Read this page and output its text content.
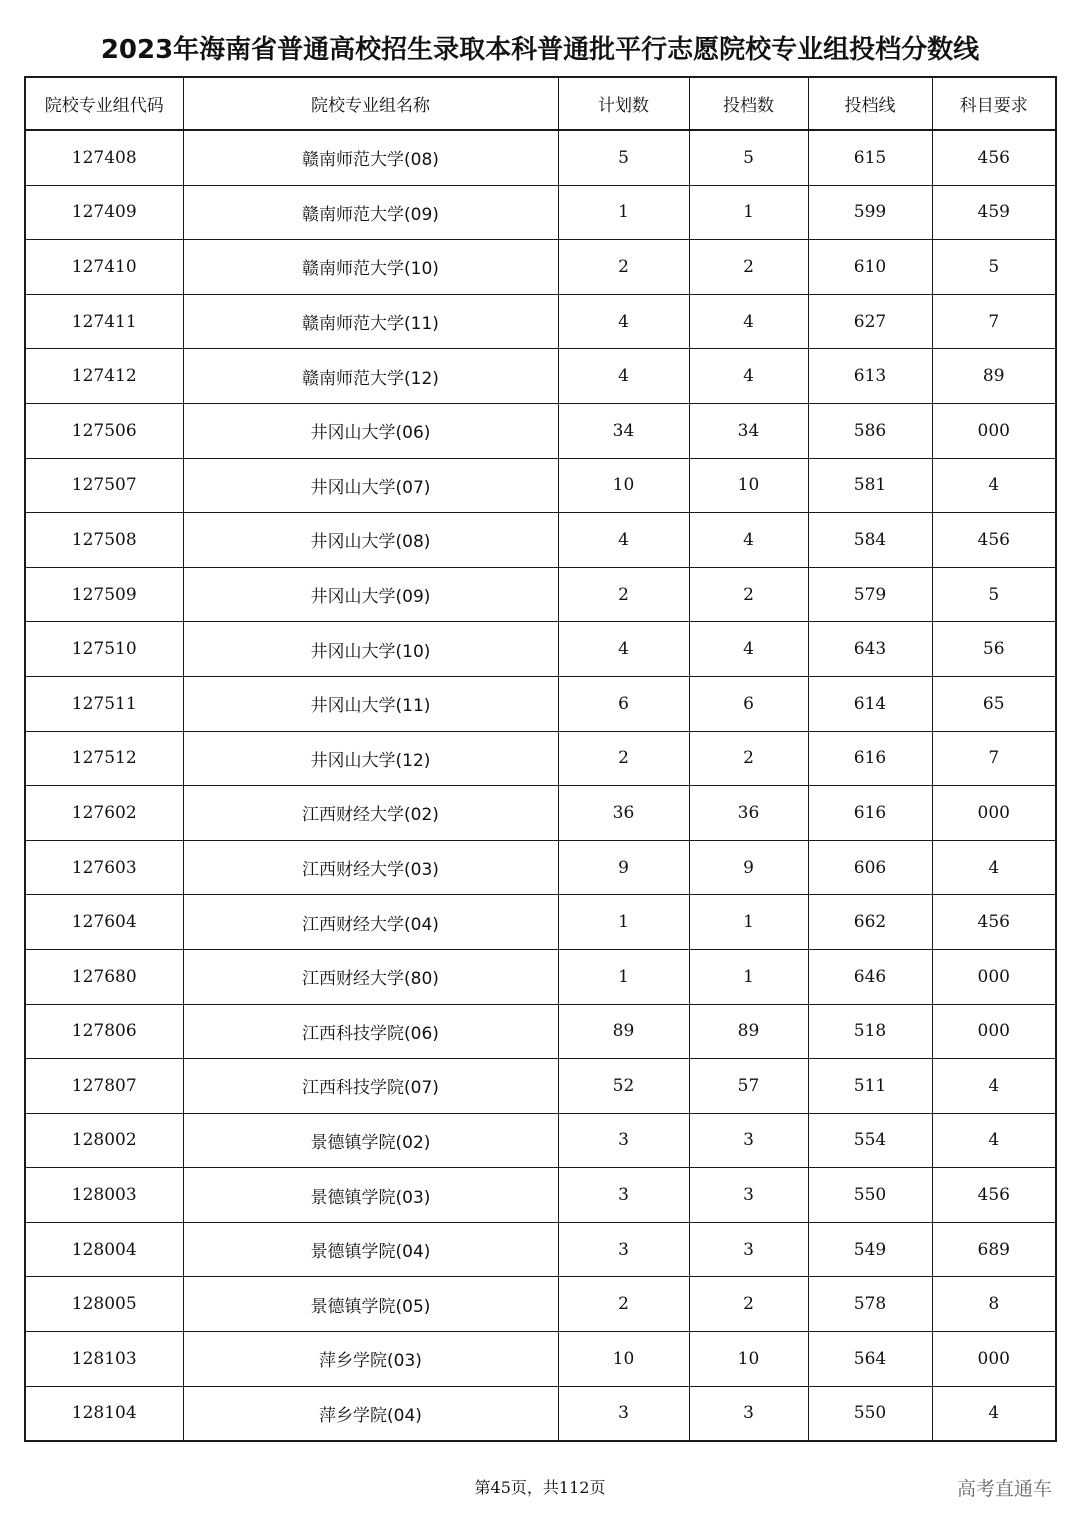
2023年海南省普通高校招生录取本科普通批平行志愿院校专业组投档分数线
院校专业组代码	院校专业组名称	计划数	投档数	投档线	科目要求
127408	赣南师范大学(08)	5	5	615	456
127409	赣南师范大学(09)	1	1	599	459
127410	赣南师范大学(10)	2	2	610	5
127411	赣南师范大学(11)	4	4	627	7
127412	赣南师范大学(12)	4	4	613	89
127506	井冈山大学(06)	34	34	586	000
127507	井冈山大学(07)	10	10	581	4
127508	井冈山大学(08)	4	4	584	456
127509	井冈山大学(09)	2	2	579	5
127510	井冈山大学(10)	4	4	643	56
127511	井冈山大学(11)	6	6	614	65
127512	井冈山大学(12)	2	2	616	7
127602	江西财经大学(02)	36	36	616	000
127603	江西财经大学(03)	9	9	606	4
127604	江西财经大学(04)	1	1	662	456
127680	江西财经大学(80)	1	1	646	000
127806	江西科技学院(06)	89	89	518	000
127807	江西科技学院(07)	52	57	511	4
128002	景德镇学院(02)	3	3	554	4
128003	景德镇学院(03)	3	3	550	456
128004	景德镇学院(04)	3	3	549	689
128005	景德镇学院(05)	2	2	578	8
128103	萍乡学院(03)	10	10	564	000
128104	萍乡学院(04)	3	3	550	4
第45页，共112页	高考直通车
